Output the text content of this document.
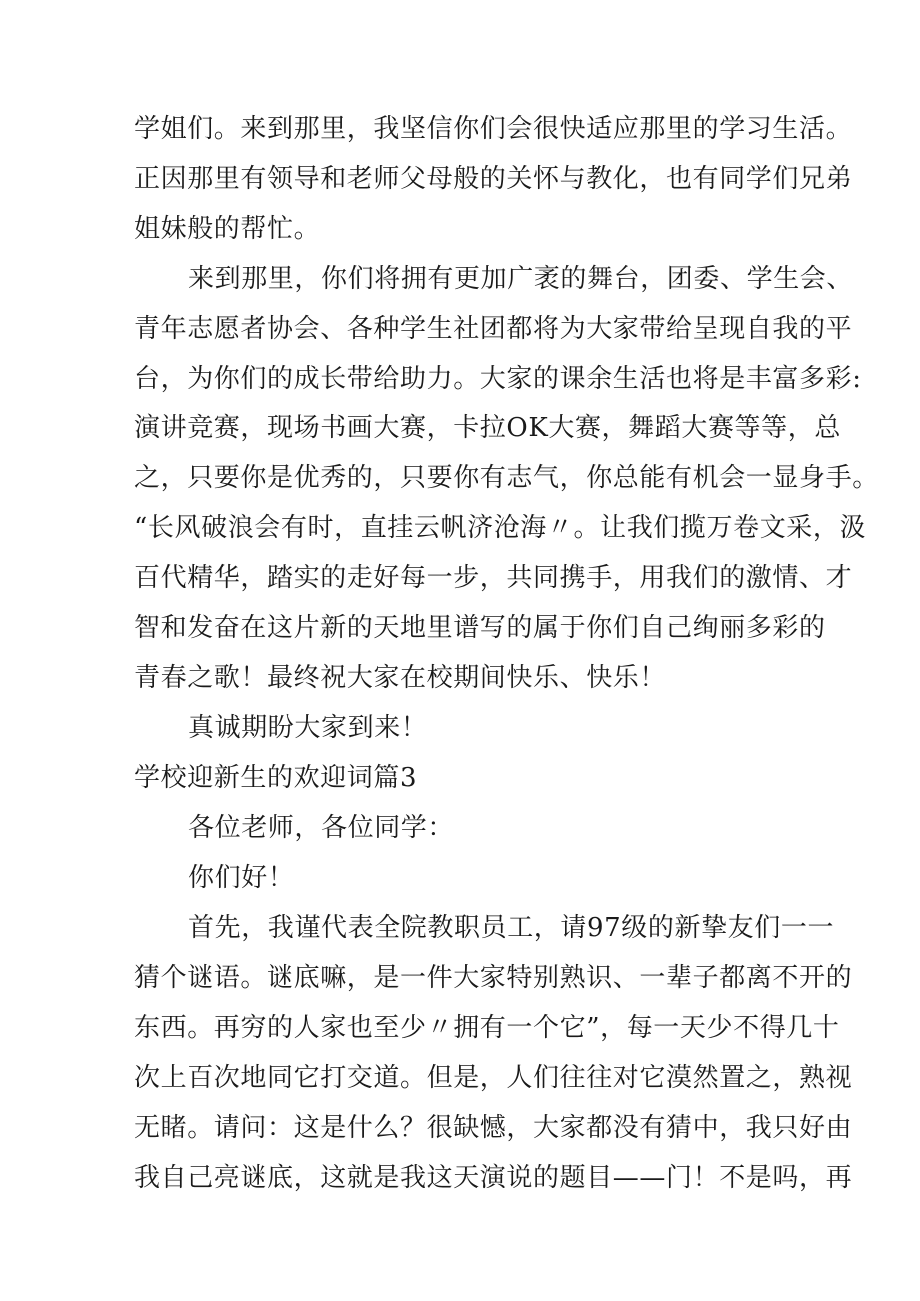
学姐们。来到那里，我坚信你们会很快适应那里的学习生活。
正因那里有领导和老师父母般的关怀与教化，也有同学们兄弟
姐妹般的帮忙。
来到那里，你们将拥有更加广袤的舞台，团委、学生会、
青年志愿者协会、各种学生社团都将为大家带给呈现自我的平
台，为你们的成长带给助力。大家的课余生活也将是丰富多彩:
演讲竞赛，现场书画大赛，卡拉OK大赛，舞蹈大赛等等，总
之，只要你是优秀的，只要你有志气，你总能有机会一显身手。
“长风破浪会有时，直挂云帆济沧海〃。让我们揽万卷文采，汲
百代精华，踏实的走好每一步，共同携手，用我们的激情、才
智和发奋在这片新的天地里谱写的属于你们自己绚丽多彩的
青春之歌！最终祝大家在校期间快乐、快乐！
真诚期盼大家到来！
学校迎新生的欢迎词篇3
各位老师，各位同学：
你们好！
首先，我谨代表全院教职员工，请97级的新挚友们一一
猜个谜语。谜底嘛，是一件大家特别熟识、一辈子都离不开的
东西。再穷的人家也至少〃拥有一个它”，每一天少不得几十
次上百次地同它打交道。但是，人们往往对它漠然置之，熟视
无睹。请问：这是什么？很缺憾，大家都没有猜中，我只好由
我自己亮谜底，这就是我这天演说的题目——门！不是吗，再
